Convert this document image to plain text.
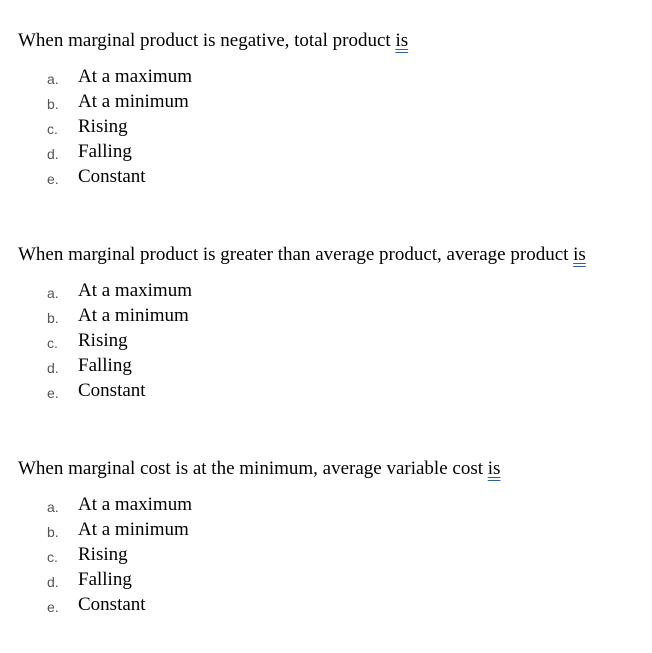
When marginal product is negative, total product is
a. At a maximum
b. At a minimum
c. Rising
d. Falling
e. Constant
When marginal product is greater than average product, average product is
a. At a maximum
b. At a minimum
c. Rising
d. Falling
e. Constant
When marginal cost is at the minimum, average variable cost is
a. At a maximum
b. At a minimum
c. Rising
d. Falling
e. Constant
